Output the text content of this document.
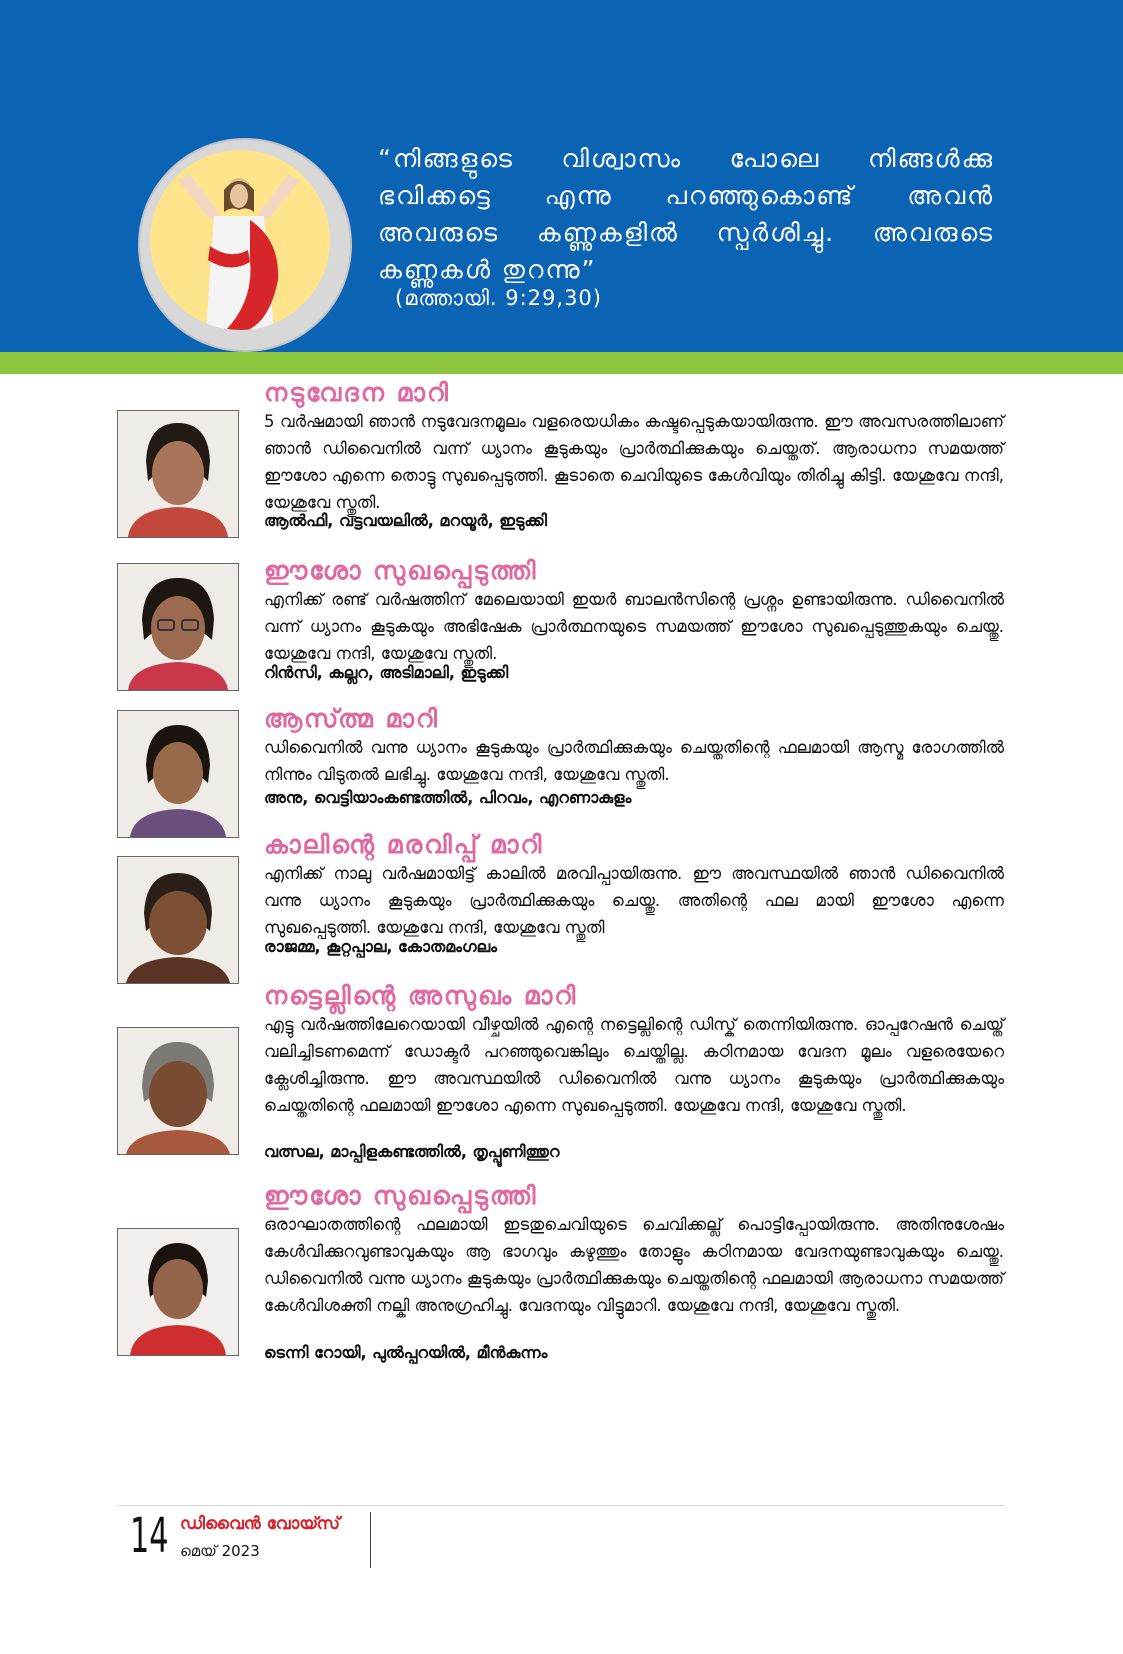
“നിങ്ങളുടെ വിശ്വാസം പോലെ നിങ്ങൾക്കു ഭവിക്കട്ടെ എന്നു പറഞ്ഞുകൊണ്ട് അവൻ അവരുടെ കണ്ണുകളിൽ സ്പർശിച്ചു. അവരുടെ കണ്ണുകൾ തുറന്നു”

(മത്തായി. 9:29,30)

നടുവേദന മാറി

5 വർഷമായി ഞാൻ നടുവേദനമൂലം വളരെയധികം കഷ്ടപ്പെടുകയായിരുന്നു. ഈ അവസരത്തിലാണ് ഞാൻ ഡിവൈനിൽ വന്ന് ധ്യാനം കൂടുകയും പ്രാർത്ഥിക്കുകയും ചെയ്തത്. ആരാധനാ സമയത്ത് ഈശോ എന്നെ തൊട്ടു സുഖപ്പെടുത്തി. കൂടാതെ ചെവിയുടെ കേൾവിയും തിരിച്ചു കിട്ടി. യേശുവേ നന്ദി, യേശുവേ സ്തുതി.

ആൽഫി, വട്ടവയലിൽ, മറയൂർ, ഇടുക്കി

ഈശോ സുഖപ്പെടുത്തി

എനിക്ക് രണ്ട് വർഷത്തിന് മേലെയായി ഇയർ ബാലൻസിന്റെ പ്രശ്നം ഉണ്ടായിരുന്നു. ഡിവൈനിൽ വന്ന് ധ്യാനം കൂടുകയും അഭിഷേക പ്രാർത്ഥനയുടെ സമയത്ത് ഈശോ സുഖപ്പെടുത്തുകയും ചെയ്തു. യേശുവേ നന്ദി, യേശുവേ സ്തുതി.

റിൻസി, കല്ലറ, അടിമാലി, ഇടുക്കി

ആസ്ത്മ മാറി

ഡിവൈനിൽ വന്നു ധ്യാനം കൂടുകയും പ്രാർത്ഥിക്കുകയും ചെയ്തതിന്റെ ഫലമായി ആസ്മ രോഗത്തിൽ നിന്നും വിടുതൽ ലഭിച്ചു. യേശുവേ നന്ദി, യേശുവേ സ്തുതി.

അനു, വെട്ടിയാംകണ്ടത്തിൽ, പിറവം, എറണാകുളം

കാലിന്റെ മരവിപ്പ് മാറി

എനിക്ക് നാലു വർഷമായിട്ട് കാലിൽ മരവിപ്പായിരുന്നു. ഈ അവസ്ഥയിൽ ഞാൻ ഡിവൈനിൽ വന്നു ധ്യാനം കൂടുകയും പ്രാർത്ഥിക്കുകയും ചെയ്തു. അതിന്റെ ഫല മായി ഈശോ എന്നെ സുഖപ്പെടുത്തി. യേശുവേ നന്ദി, യേശുവേ സ്തുതി

രാജമ്മ, കൂറ്റപ്പാല, കോതമംഗലം

നട്ടെല്ലിന്റെ അസുഖം മാറി

എട്ടു വർഷത്തിലേറെയായി വീഴ്ചയിൽ എന്റെ നട്ടെല്ലിന്റെ ഡിസ്ക് തെന്നിയിരുന്നു. ഓപ്പറേഷൻ ചെയ്ത് വലിച്ചിടണമെന്ന് ഡോക്ടർ പറഞ്ഞുവെങ്കിലും ചെയ്തില്ല. കഠിനമായ വേദന മൂലം വളരെയേറെ ക്ലേശിച്ചിരുന്നു. ഈ അവസ്ഥയിൽ ഡിവൈനിൽ വന്നു ധ്യാനം കൂടുകയും പ്രാർത്ഥിക്കുകയും ചെയ്തതിന്റെ ഫലമായി ഈശോ എന്നെ സുഖപ്പെടുത്തി. യേശുവേ നന്ദി, യേശുവേ സ്തുതി.

വത്സല, മാപ്പിളകണ്ടത്തിൽ, തൃപ്പൂണിത്തുറ

ഈശോ സുഖപ്പെടുത്തി

ഒരാഘാതത്തിന്റെ ഫലമായി ഇടതുചെവിയുടെ ചെവിക്കല്ല് പൊട്ടിപ്പോയിരുന്നു. അതിനുശേഷം കേൾവിക്കുറവുണ്ടാവുകയും ആ ഭാഗവും കഴുത്തും തോളും കഠിനമായ വേദനയുണ്ടാവുകയും ചെയ്തു. ഡിവൈനിൽ വന്നു ധ്യാനം കൂടുകയും പ്രാർത്ഥിക്കുകയും ചെയ്തതിന്റെ ഫലമായി ആരാധനാ സമയത്ത് കേൾവിശക്തി നല്കി അനുഗ്രഹിച്ചു. വേദനയും വിട്ടുമാറി. യേശുവേ നന്ദി, യേശുവേ സ്തുതി.

ടെന്നി റോയി, പുൽപ്പറയിൽ, മീൻകുന്നം

14 ഡിവൈൻ വോയ്സ്

മെയ് 2023
